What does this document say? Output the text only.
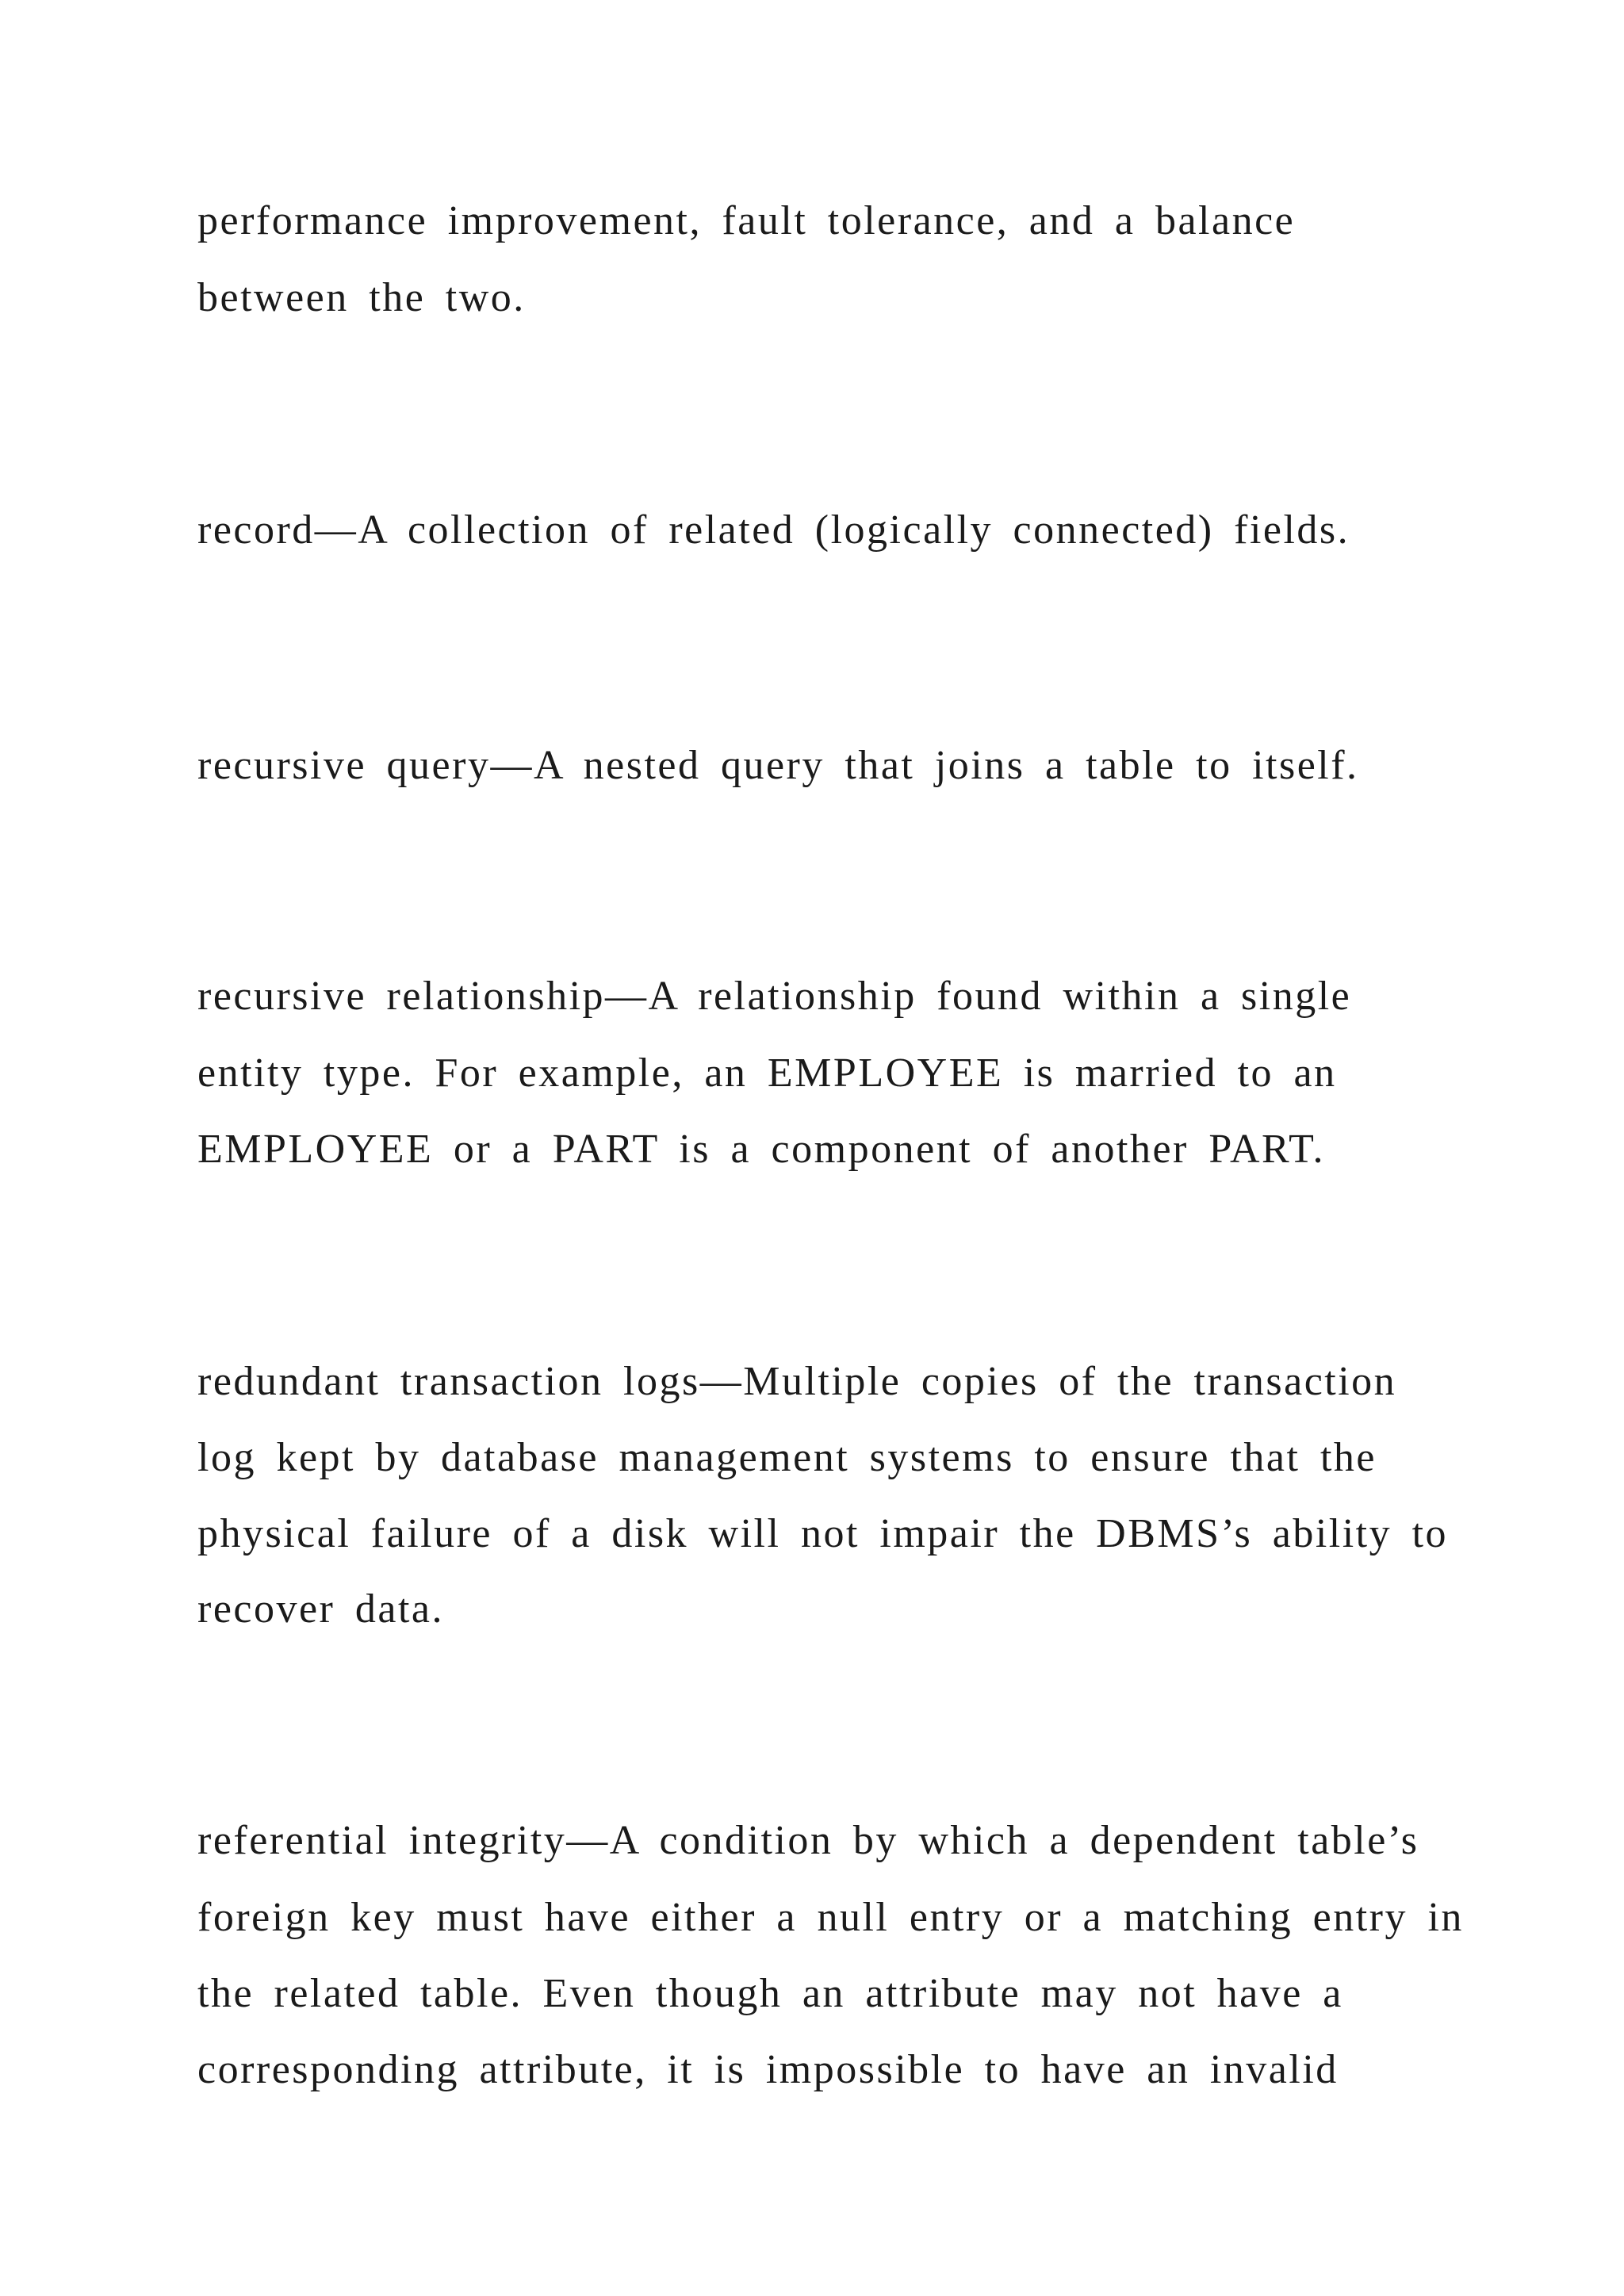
performance improvement, fault tolerance, and a balance
between the two.
record—A collection of related (logically connected) fields.
recursive query—A nested query that joins a table to itself.
recursive relationship—A relationship found within a single
entity type. For example, an EMPLOYEE is married to an
EMPLOYEE or a PART is a component of another PART.
redundant transaction logs—Multiple copies of the transaction
log kept by database management systems to ensure that the
physical failure of a disk will not impair the DBMS’s ability to
recover data.
referential integrity—A condition by which a dependent table’s
foreign key must have either a null entry or a matching entry in
the related table. Even though an attribute may not have a
corresponding attribute, it is impossible to have an invalid
